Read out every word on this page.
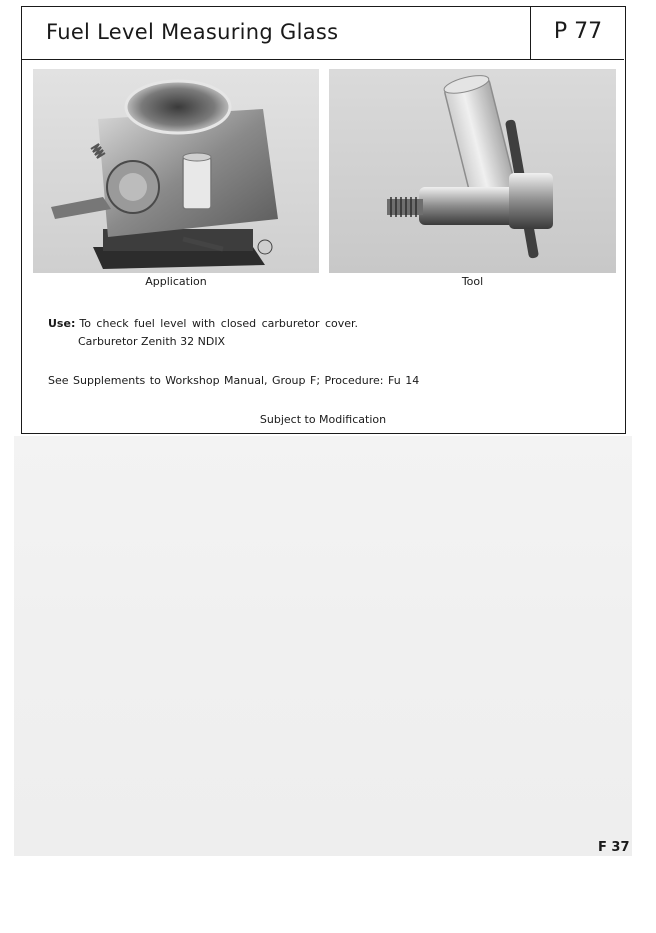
Fuel Level Measuring Glass	P 77
Application	Tool
Use: To check fuel level with closed carburetor cover.
Carburetor Zenith 32 NDIX
See Supplements to Workshop Manual, Group F; Procedure: Fu 14
Subject to Modification
F 37
